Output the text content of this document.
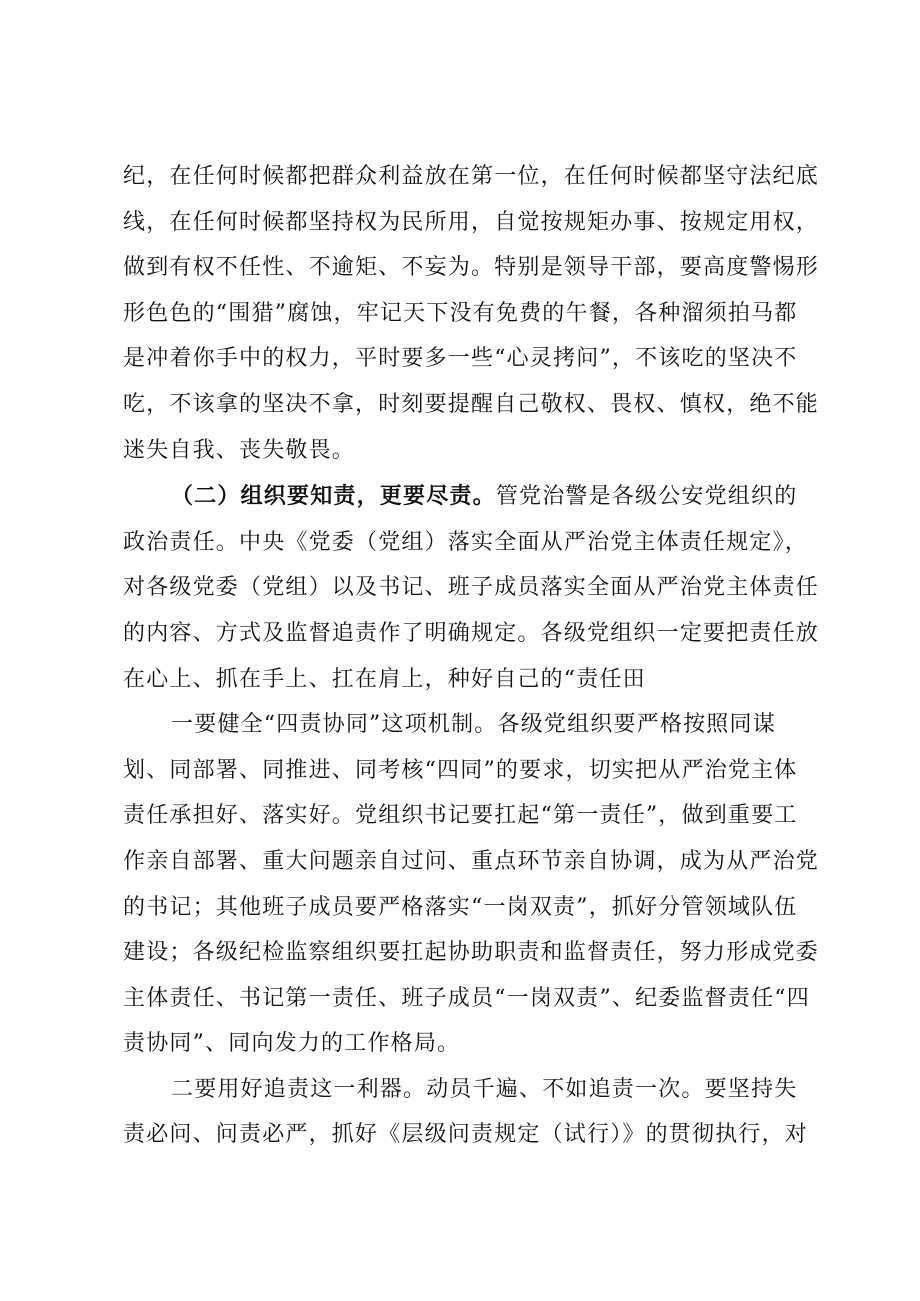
纪，在任何时候都把群众利益放在第一位，在任何时候都坚守法纪底
线，在任何时候都坚持权为民所用，自觉按规矩办事、按规定用权，
做到有权不任性、不逾矩、不妄为。特别是领导干部，要高度警惕形
形色色的“围猎”腐蚀，牢记天下没有免费的午餐，各种溜须拍马都
是冲着你手中的权力，平时要多一些“心灵拷问”，不该吃的坚决不
吃，不该拿的坚决不拿，时刻要提醒自己敬权、畏权、慎权，绝不能
迷失自我、丧失敬畏。
（二）组织要知责，更要尽责。管党治警是各级公安党组织的
政治责任。中央《党委（党组）落实全面从严治党主体责任规定》，
对各级党委（党组）以及书记、班子成员落实全面从严治党主体责任
的内容、方式及监督追责作了明确规定。各级党组织一定要把责任放
在心上、抓在手上、扛在肩上，种好自己的“责任田
一要健全“四责协同”这项机制。各级党组织要严格按照同谋
划、同部署、同推进、同考核“四同”的要求，切实把从严治党主体
责任承担好、落实好。党组织书记要扛起“第一责任”，做到重要工
作亲自部署、重大问题亲自过问、重点环节亲自协调，成为从严治党
的书记；其他班子成员要严格落实“一岗双责”，抓好分管领域队伍
建设；各级纪检监察组织要扛起协助职责和监督责任，努力形成党委
主体责任、书记第一责任、班子成员“一岗双责”、纪委监督责任“四
责协同”、同向发力的工作格局。
二要用好追责这一利器。动员千遍、不如追责一次。要坚持失
责必问、问责必严，抓好《层级问责规定（试行）》的贯彻执行，对
